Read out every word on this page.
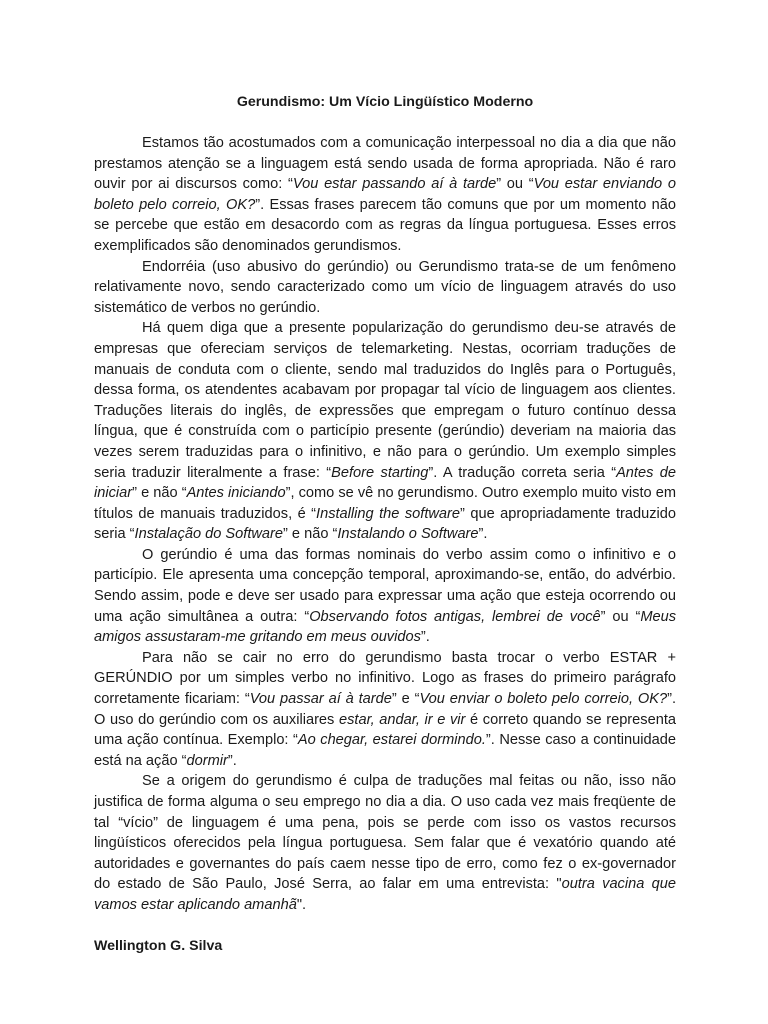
Gerundismo: Um Vício Lingüístico Moderno

Estamos tão acostumados com a comunicação interpessoal no dia a dia que não prestamos atenção se a linguagem está sendo usada de forma apropriada. Não é raro ouvir por ai discursos como: “Vou estar passando aí à tarde” ou “Vou estar enviando o boleto pelo correio, OK?”. Essas frases parecem tão comuns que por um momento não se percebe que estão em desacordo com as regras da língua portuguesa. Esses erros exemplificados são denominados gerundismos.

Endorréia (uso abusivo do gerúndio) ou Gerundismo trata-se de um fenômeno relativamente novo, sendo caracterizado como um vício de linguagem através do uso sistemático de verbos no gerúndio.

Há quem diga que a presente popularização do gerundismo deu-se através de empresas que ofereciam serviços de telemarketing. Nestas, ocorriam traduções de manuais de conduta com o cliente, sendo mal traduzidos do Inglês para o Português, dessa forma, os atendentes acabavam por propagar tal vício de linguagem aos clientes. Traduções literais do inglês, de expressões que empregam o futuro contínuo dessa língua, que é construída com o particípio presente (gerúndio) deveriam na maioria das vezes serem traduzidas para o infinitivo, e não para o gerúndio. Um exemplo simples seria traduzir literalmente a frase: “Before starting”. A tradução correta seria “Antes de iniciar” e não “Antes iniciando”, como se vê no gerundismo. Outro exemplo muito visto em títulos de manuais traduzidos, é “Installing the software” que apropriadamente traduzido seria “Instalação do Software” e não “Instalando o Software”.

O gerúndio é uma das formas nominais do verbo assim como o infinitivo e o particípio. Ele apresenta uma concepção temporal, aproximando-se, então, do advérbio. Sendo assim, pode e deve ser usado para expressar uma ação que esteja ocorrendo ou uma ação simultânea a outra: “Observando fotos antigas, lembrei de você” ou “Meus amigos assustaram-me gritando em meus ouvidos”.

Para não se cair no erro do gerundismo basta trocar o verbo ESTAR + GERÚNDIO por um simples verbo no infinitivo. Logo as frases do primeiro parágrafo corretamente ficariam: “Vou passar aí à tarde” e “Vou enviar o boleto pelo correio, OK?”. O uso do gerúndio com os auxiliares estar, andar, ir e vir é correto quando se representa uma ação contínua. Exemplo: “Ao chegar, estarei dormindo.”. Nesse caso a continuidade está na ação “dormir”.

Se a origem do gerundismo é culpa de traduções mal feitas ou não, isso não justifica de forma alguma o seu emprego no dia a dia. O uso cada vez mais freqüente de tal “vício” de linguagem é uma pena, pois se perde com isso os vastos recursos lingüísticos oferecidos pela língua portuguesa. Sem falar que é vexatório quando até autoridades e governantes do país caem nesse tipo de erro, como fez o ex-governador do estado de São Paulo, José Serra, ao falar em uma entrevista: "outra vacina que vamos estar aplicando amanhã".

Wellington G. Silva
